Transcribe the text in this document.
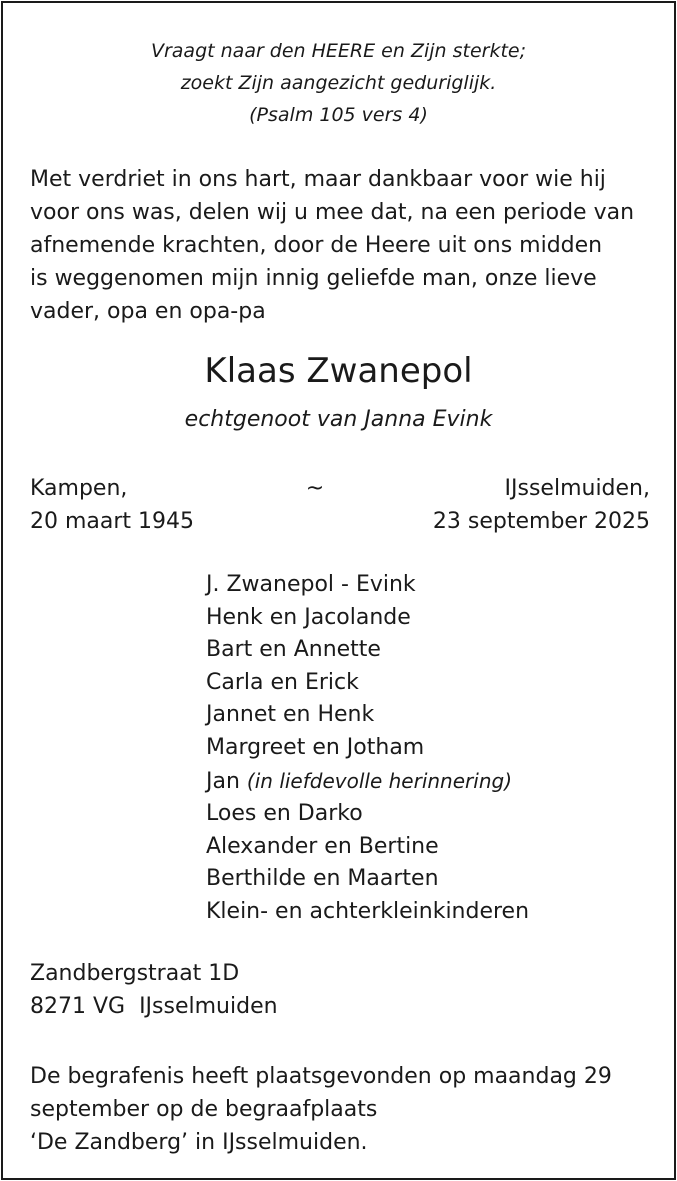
Vraagt naar den HEERE en Zijn sterkte;
zoekt Zijn aangezicht geduriglijk.
(Psalm 105 vers 4)
Met verdriet in ons hart, maar dankbaar voor wie hij
voor ons was, delen wij u mee dat, na een periode van
afnemende krachten, door de Heere uit ons midden
is weggenomen mijn innig geliefde man, onze lieve
vader, opa en opa-pa
Klaas Zwanepol
echtgenoot van Janna Evink
Kampen,
20 maart 1945
~	IJsselmuiden,
23 september 2025
J. Zwanepol - Evink
Henk en Jacolande
Bart en Annette
Carla en Erick
Jannet en Henk
Margreet en Jotham
Jan (in liefdevolle herinnering)
Loes en Darko
Alexander en Bertine
Berthilde en Maarten
Klein- en achterkleinkinderen
Zandbergstraat 1D
8271 VG  IJsselmuiden
De begrafenis heeft plaatsgevonden op maandag 29
september op de begraafplaats
‘De Zandberg’ in IJsselmuiden.
